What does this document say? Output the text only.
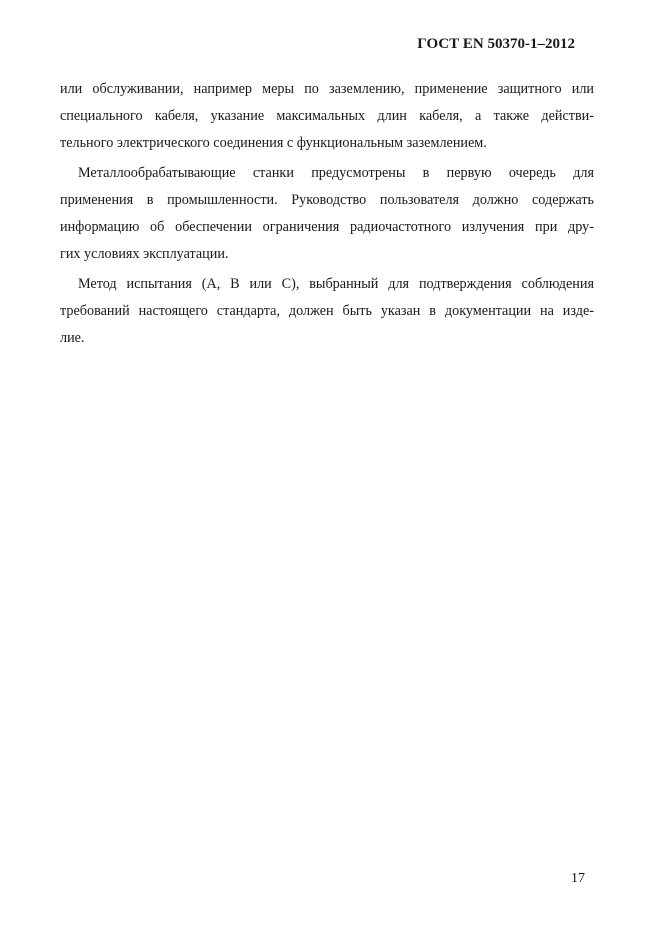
ГОСТ EN 50370-1–2012
или обслуживании, например меры по заземлению, применение защитного или
специального кабеля, указание максимальных длин кабеля, а также действи-
тельного электрического соединения с функциональным заземлением.
Металлообрабатывающие станки предусмотрены в первую очередь для
применения в промышленности. Руководство пользователя должно содержать
информацию об обеспечении ограничения радиочастотного излучения при дру-
гих условиях эксплуатации.
Метод испытания (А, В или С), выбранный для подтверждения соблюдения
требований настоящего стандарта, должен быть указан в документации на изде-
лие.
17
